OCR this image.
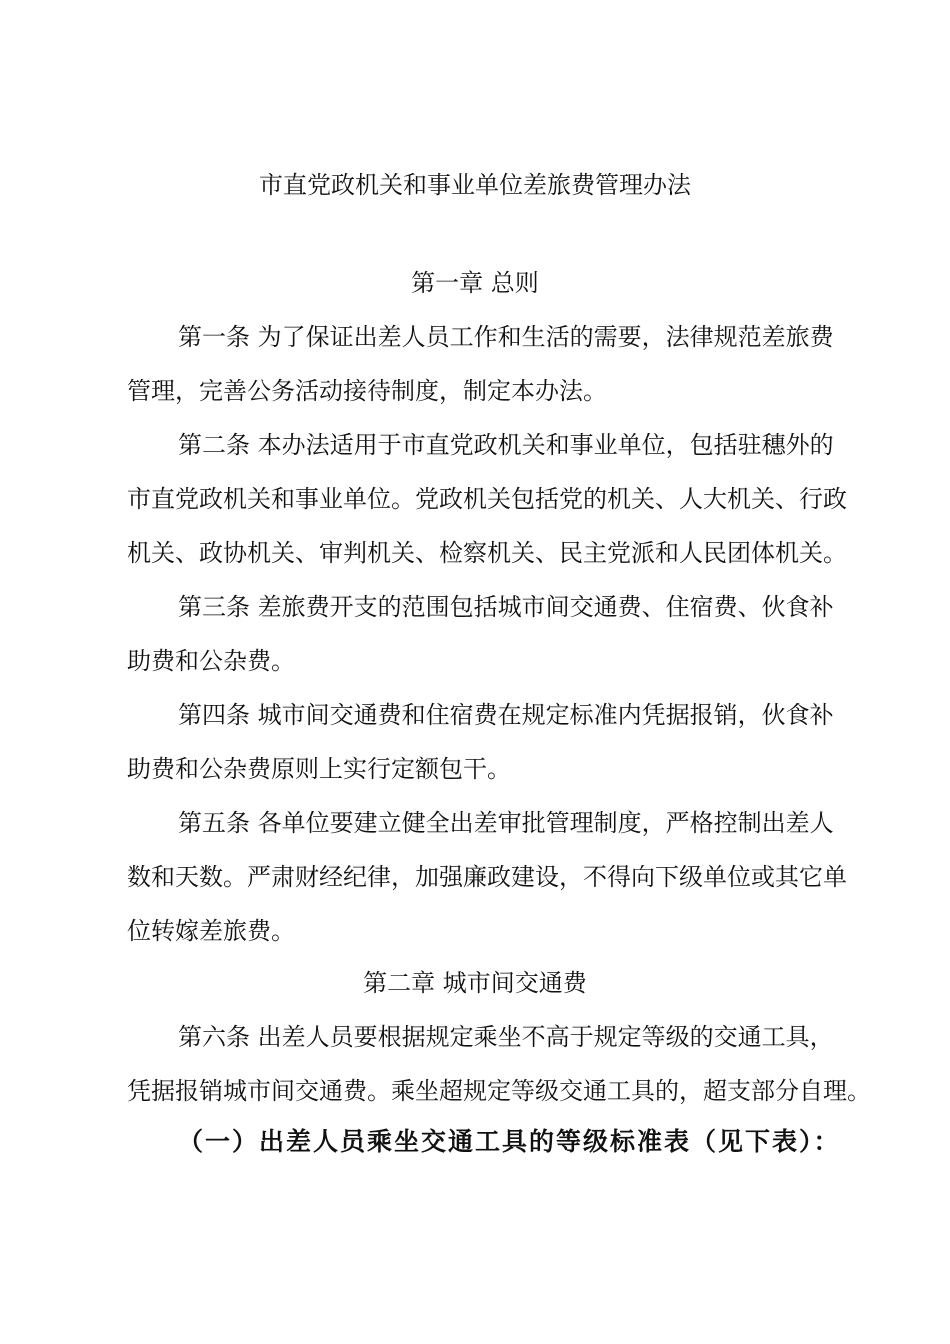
市直党政机关和事业单位差旅费管理办法
第一章 总则
第一条 为了保证出差人员工作和生活的需要，法律规范差旅费
管理，完善公务活动接待制度，制定本办法。
第二条 本办法适用于市直党政机关和事业单位，包括驻穗外的
市直党政机关和事业单位。党政机关包括党的机关、人大机关、行政
机关、政协机关、审判机关、检察机关、民主党派和人民团体机关。
第三条 差旅费开支的范围包括城市间交通费、住宿费、伙食补
助费和公杂费。
第四条 城市间交通费和住宿费在规定标准内凭据报销，伙食补
助费和公杂费原则上实行定额包干。
第五条 各单位要建立健全出差审批管理制度，严格控制出差人
数和天数。严肃财经纪律，加强廉政建设，不得向下级单位或其它单
位转嫁差旅费。
第二章 城市间交通费
第六条 出差人员要根据规定乘坐不高于规定等级的交通工具，
凭据报销城市间交通费。乘坐超规定等级交通工具的，超支部分自理。
（一）出差人员乘坐交通工具的等级标准表（见下表）：
